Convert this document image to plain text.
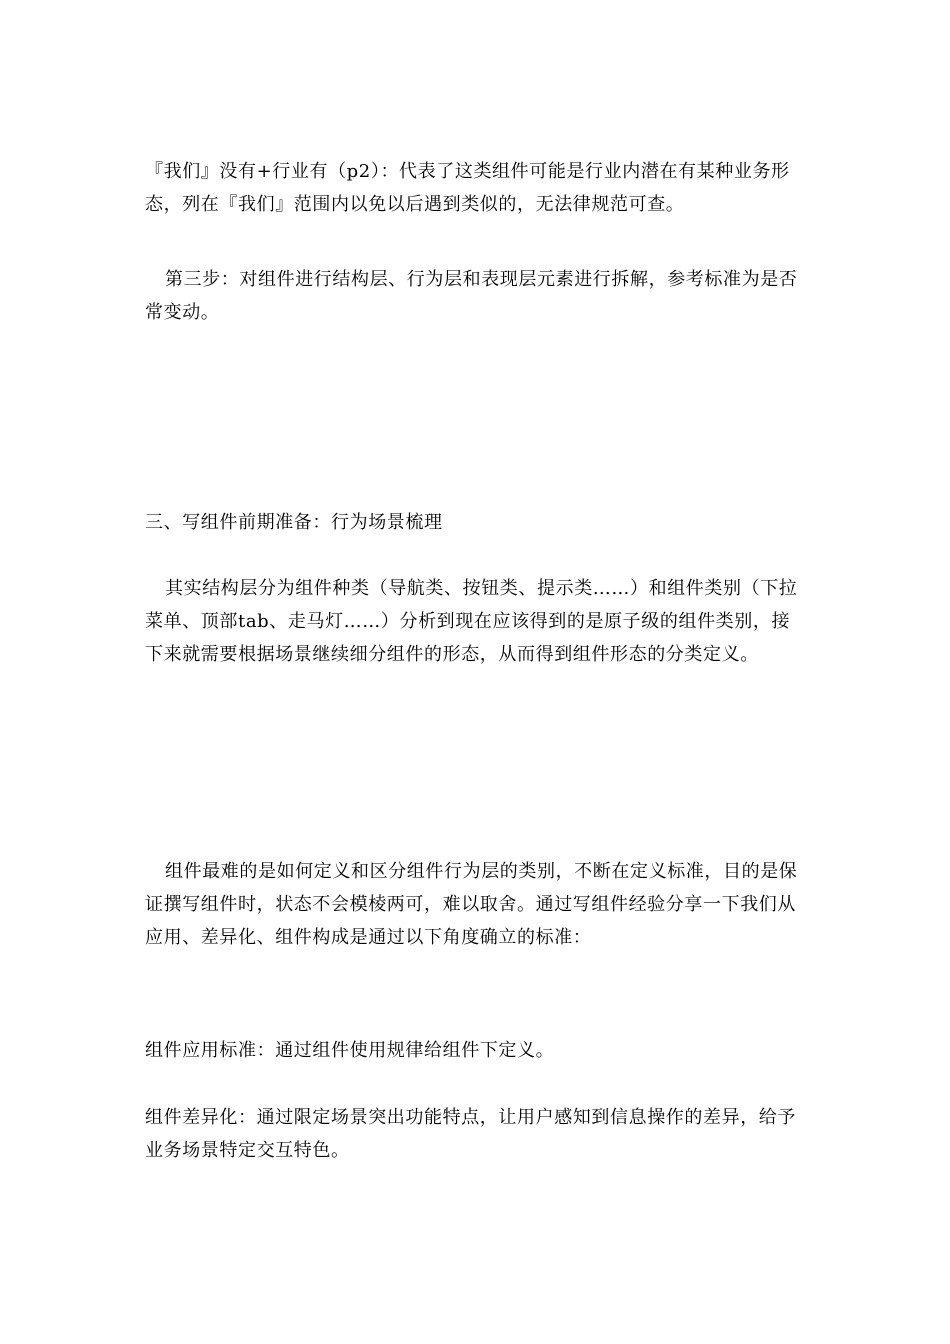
『我们』没有+行业有（p2）：代表了这类组件可能是行业内潜在有某种业务形态，列在『我们』范围内以免以后遇到类似的，无法律规范可查。

第三步：对组件进行结构层、行为层和表现层元素进行拆解，参考标准为是否常变动。

三、写组件前期准备：行为场景梳理

其实结构层分为组件种类（导航类、按钮类、提示类……）和组件类别（下拉菜单、顶部tab、走马灯……）分析到现在应该得到的是原子级的组件类别，接下来就需要根据场景继续细分组件的形态，从而得到组件形态的分类定义。

组件最难的是如何定义和区分组件行为层的类别，不断在定义标准，目的是保证撰写组件时，状态不会模棱两可，难以取舍。通过写组件经验分享一下我们从应用、差异化、组件构成是通过以下角度确立的标准：

组件应用标准：通过组件使用规律给组件下定义。

组件差异化：通过限定场景突出功能特点，让用户感知到信息操作的差异，给予业务场景特定交互特色。
